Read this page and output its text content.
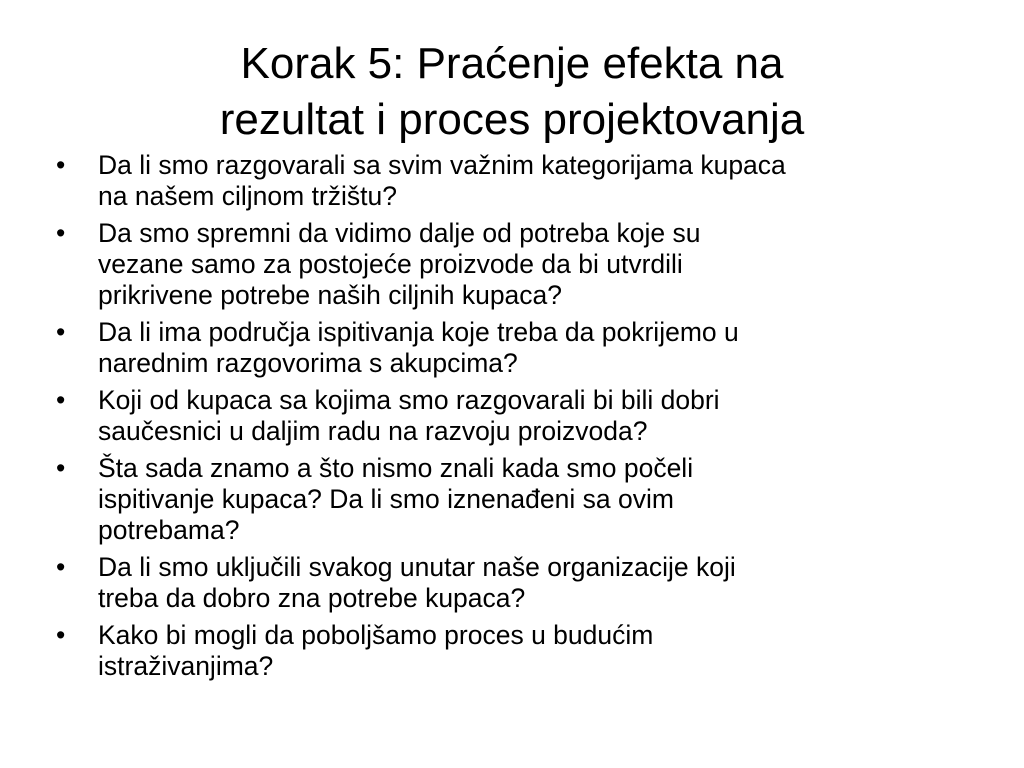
Korak 5: Praćenje efekta na
rezultat i proces projektovanja
• Da li smo razgovarali sa svim važnim kategorijama kupaca
na našem ciljnom tržištu?
• Da smo spremni da vidimo dalje od potreba koje su
vezane samo za postojeće proizvode da bi utvrdili
prikrivene potrebe naših ciljnih kupaca?
• Da li ima područja ispitivanja koje treba da pokrijemo u
narednim razgovorima s akupcima?
• Koji od kupaca sa kojima smo razgovarali bi bili dobri
saučesnici u daljim radu na razvoju proizvoda?
• Šta sada znamo a što nismo znali kada smo počeli
ispitivanje kupaca? Da li smo iznenađeni sa ovim
potrebama?
• Da li smo uključili svakog unutar naše organizacije koji
treba da dobro zna potrebe kupaca?
• Kako bi mogli da poboljšamo proces u budućim
istraživanjima?
